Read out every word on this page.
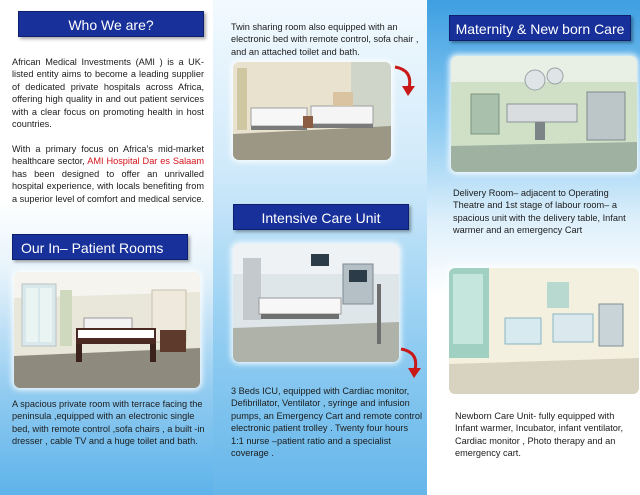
Who We are?
African Medical Investments (AMI ) is a UK-listed entity aims to become a leading supplier of dedicated private hospitals across Africa, offering high quality in and out patient services with a clear focus on promoting health in host countries.
With a primary focus on Africa’s mid-market healthcare sector, AMI Hospital Dar es Salaam has been designed to offer an unrivalled hospital experience, with locals benefiting from a superior level of comfort and medical service.
Our In– Patient Rooms
A spacious private room with terrace facing the peninsula ,equipped with an electronic single bed, with remote control ,sofa chairs , a built -in dresser , cable TV and a huge toilet and bath.
Twin sharing room also equipped with an electronic bed with remote control, sofa chair , and an attached toilet and bath.
Intensive Care Unit
3 Beds ICU, equipped with Cardiac monitor, Defibrillator, Ventilator , syringe and infusion pumps, an Emergency Cart and remote control electronic patient trolley . Twenty four hours 1:1 nurse –patient ratio and a specialist coverage .
Maternity & New born Care
Delivery Room– adjacent to Operating Theatre and 1st stage of labour room– a spacious unit with the delivery table, Infant warmer and an emergency Cart
Newborn Care Unit- fully equipped with Infant warmer, Incubator, infant ventilator, Cardiac monitor , Photo therapy and an emergency cart.
